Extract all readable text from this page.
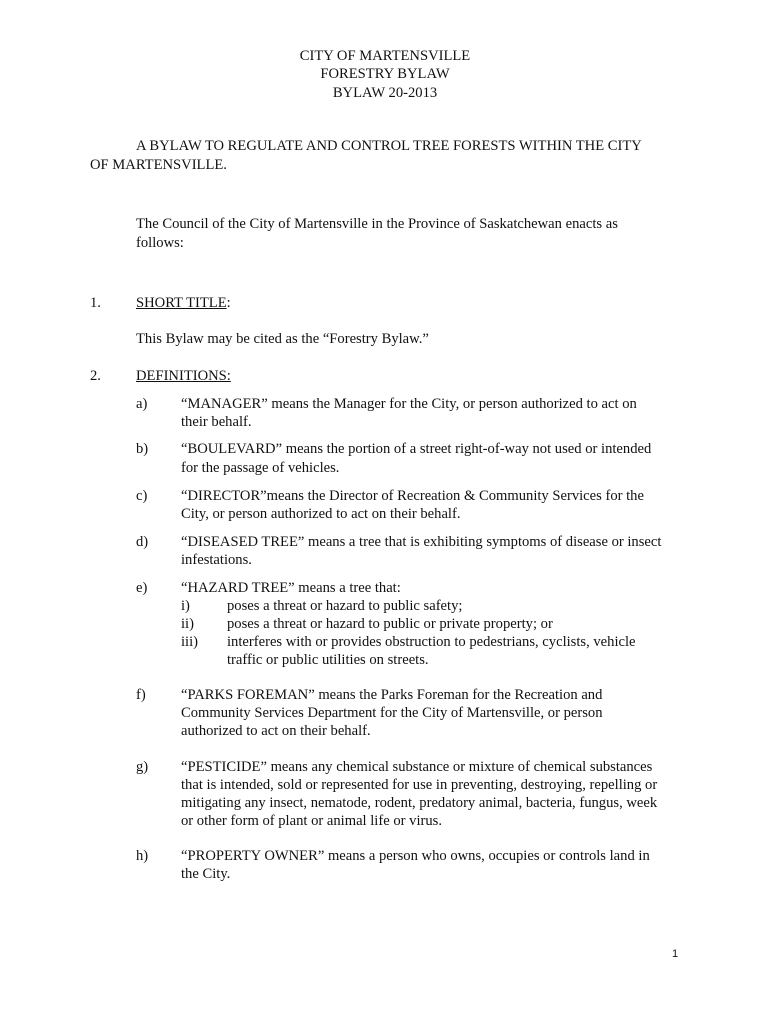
CITY OF MARTENSVILLE
FORESTRY BYLAW
BYLAW 20-2013
A BYLAW TO REGULATE AND CONTROL TREE FORESTS WITHIN THE CITY
OF MARTENSVILLE.
The Council of the City of Martensville in the Province of Saskatchewan enacts as
follows:
1. SHORT TITLE:
This Bylaw may be cited as the “Forestry Bylaw.”
2. DEFINITIONS:
a) “MANAGER” means the Manager for the City, or person authorized to act on
their behalf.
b) “BOULEVARD” means the portion of a street right-of-way not used or intended
for the passage of vehicles.
c) “DIRECTOR”means the Director of Recreation & Community Services for the
City, or person authorized to act on their behalf.
d) “DISEASED TREE” means a tree that is exhibiting symptoms of disease or insect
infestations.
e) “HAZARD TREE” means a tree that:
i)	poses a threat or hazard to public safety;
ii) poses a threat or hazard to public or private property; or
iii) interferes with or provides obstruction to pedestrians, cyclists, vehicle
traffic or public utilities on streets.
f) “PARKS FOREMAN” means the Parks Foreman for the Recreation and
Community Services Department for the City of Martensville, or person
authorized to act on their behalf.
g) “PESTICIDE” means any chemical substance or mixture of chemical substances
that is intended, sold or represented for use in preventing, destroying, repelling or
mitigating any insect, nematode, rodent, predatory animal, bacteria, fungus, week
or other form of plant or animal life or virus.
h) “PROPERTY OWNER” means a person who owns, occupies or controls land in
the City.
1
